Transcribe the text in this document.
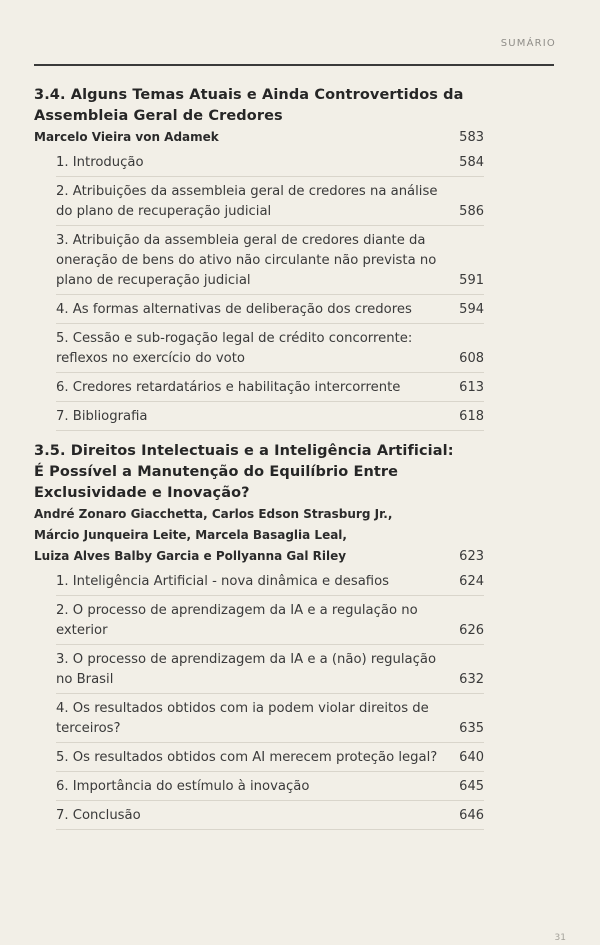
SUMÁRIO
3.4. Alguns Temas Atuais e Ainda Controvertidos da
Assembleia Geral de Credores
Marcelo Vieira von Adamek	583
1. Introdução	584
2. Atribuições da assembleia geral de credores na análise do plano de recuperação judicial	586
3. Atribuição da assembleia geral de credores diante da oneração de bens do ativo não circulante não prevista no plano de recuperação judicial	591
4. As formas alternativas de deliberação dos credores	594
5. Cessão e sub-rogação legal de crédito concorrente: reflexos no exercício do voto	608
6. Credores retardatários e habilitação intercorrente	613
7. Bibliografia	618
3.5. Direitos Intelectuais e a Inteligência Artificial:
É Possível a Manutenção do Equilíbrio Entre
Exclusividade e Inovação?
André Zonaro Giacchetta, Carlos Edson Strasburg Jr.,
Márcio Junqueira Leite, Marcela Basaglia Leal,
Luiza Alves Balby Garcia e Pollyanna Gal Riley	623
1. Inteligência Artificial - nova dinâmica e desafios	624
2. O processo de aprendizagem da IA e a regulação no exterior	626
3. O processo de aprendizagem da IA e a (não) regulação no Brasil	632
4. Os resultados obtidos com ia podem violar direitos de terceiros?	635
5. Os resultados obtidos com AI merecem proteção legal?	640
6. Importância do estímulo à inovação	645
7. Conclusão	646
31
